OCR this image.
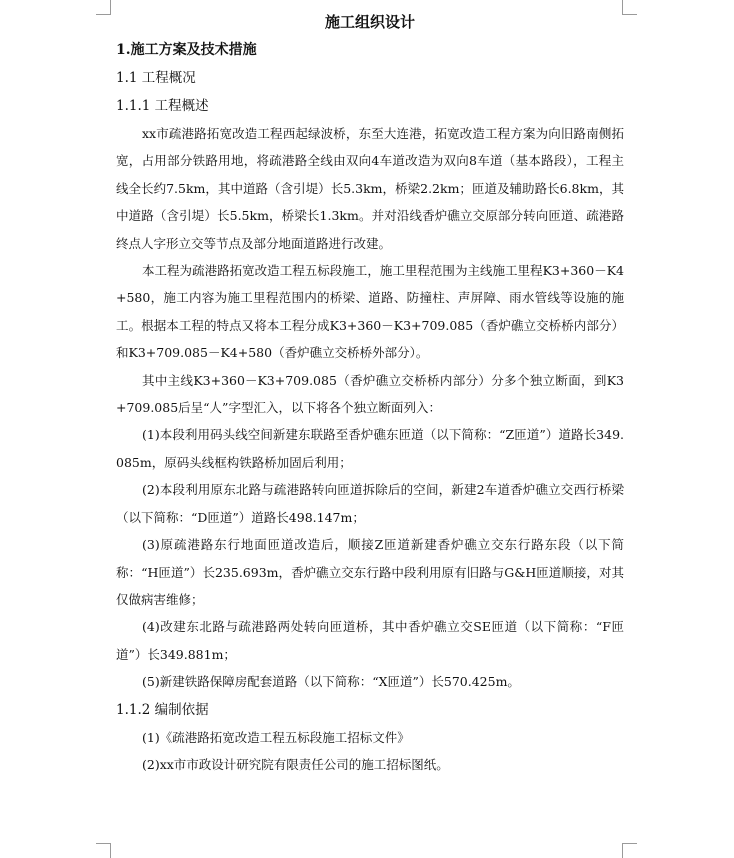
施工组织设计

1.施工方案及技术措施

1.1 工程概况

1.1.1 工程概述

xx市疏港路拓宽改造工程西起绿波桥，东至大连港，拓宽改造工程方案为向旧路南侧拓宽，占用部分铁路用地，将疏港路全线由双向4车道改造为双向8车道（基本路段），工程主线全长约7.5km，其中道路（含引堤）长5.3km，桥梁2.2km；匝道及辅助路长6.8km，其中道路（含引堤）长5.5km，桥梁长1.3km。并对沿线香炉礁立交原部分转向匝道、疏港路终点人字形立交等节点及部分地面道路进行改建。

本工程为疏港路拓宽改造工程五标段施工，施工里程范围为主线施工里程K3+360－K4+580，施工内容为施工里程范围内的桥梁、道路、防撞柱、声屏障、雨水管线等设施的施工。根据本工程的特点又将本工程分成K3+360－K3+709.085（香炉礁立交桥桥内部分）和K3+709.085－K4+580（香炉礁立交桥桥外部分）。

其中主线K3+360－K3+709.085（香炉礁立交桥桥内部分）分多个独立断面，到K3+709.085后呈“人”字型汇入，以下将各个独立断面列入：

(1)本段利用码头线空间新建东联路至香炉礁东匝道（以下简称：“Z匝道”）道路长349.085m，原码头线框构铁路桥加固后利用；

(2)本段利用原东北路与疏港路转向匝道拆除后的空间，新建2车道香炉礁立交西行桥梁（以下简称：“D匝道”）道路长498.147m；

(3)原疏港路东行地面匝道改造后，顺接Z匝道新建香炉礁立交东行路东段（以下简称：“H匝道”）长235.693m，香炉礁立交东行路中段利用原有旧路与G&H匝道顺接，对其仅做病害维修；

(4)改建东北路与疏港路两处转向匝道桥，其中香炉礁立交SE匝道（以下简称：“F匝道”）长349.881m；

(5)新建铁路保障房配套道路（以下简称：“X匝道”）长570.425m。

1.1.2 编制依据

(1)《疏港路拓宽改造工程五标段施工招标文件》

(2)xx市市政设计研究院有限责任公司的施工招标图纸。
